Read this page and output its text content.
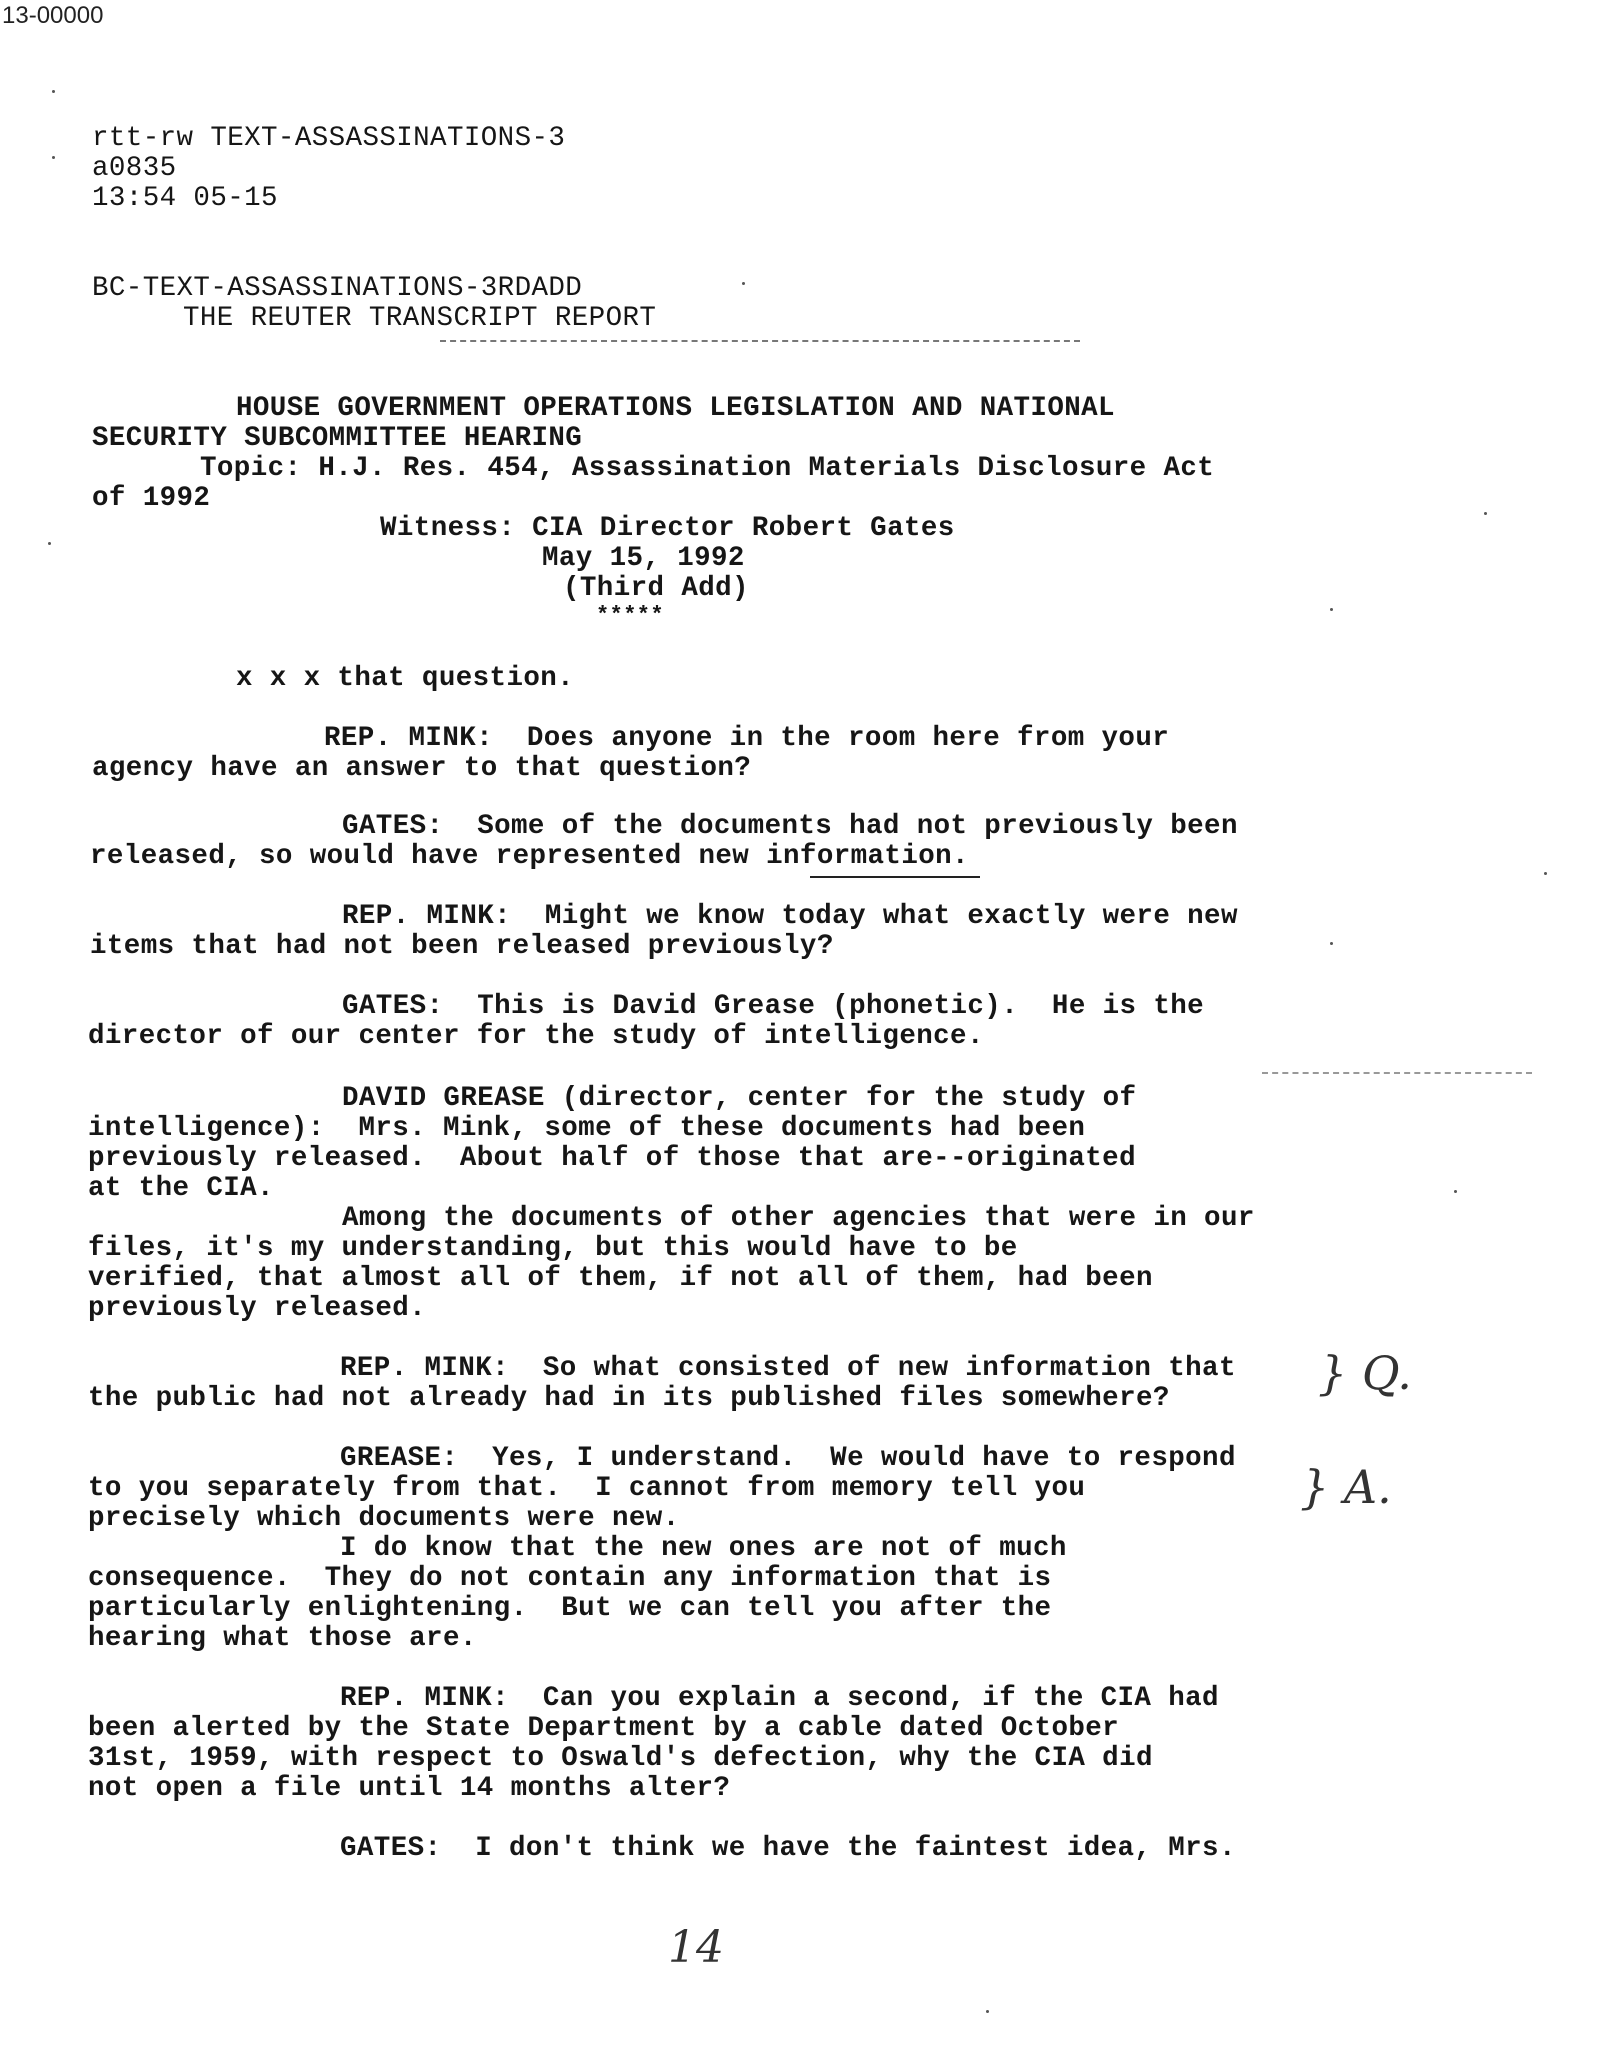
13-00000
rtt-rw TEXT-ASSASSINATIONS-3
a0835
13:54 05-15
BC-TEXT-ASSASSINATIONS-3RDADD
THE REUTER TRANSCRIPT REPORT
HOUSE GOVERNMENT OPERATIONS LEGISLATION AND NATIONAL
SECURITY SUBCOMMITTEE HEARING
Topic: H.J. Res. 454, Assassination Materials Disclosure Act
of 1992
Witness: CIA Director Robert Gates
May 15, 1992
(Third Add)
*****
x x x that question.
REP. MINK:  Does anyone in the room here from your
agency have an answer to that question?
GATES:  Some of the documents had not previously been
released, so would have represented new information.
REP. MINK:  Might we know today what exactly were new
items that had not been released previously?
GATES:  This is David Grease (phonetic).  He is the
director of our center for the study of intelligence.
DAVID GREASE (director, center for the study of
intelligence):  Mrs. Mink, some of these documents had been
previously released.  About half of those that are--originated
at the CIA.
Among the documents of other agencies that were in our
files, it's my understanding, but this would have to be
verified, that almost all of them, if not all of them, had been
previously released.
REP. MINK:  So what consisted of new information that
the public had not already had in its published files somewhere?
GREASE:  Yes, I understand.  We would have to respond
to you separately from that.  I cannot from memory tell you
precisely which documents were new.
I do know that the new ones are not of much
consequence.  They do not contain any information that is
particularly enlightening.  But we can tell you after the
hearing what those are.
REP. MINK:  Can you explain a second, if the CIA had
been alerted by the State Department by a cable dated October
31st, 1959, with respect to Oswald's defection, why the CIA did
not open a file until 14 months alter?
GATES:  I don't think we have the faintest idea, Mrs.
} Q.
} A.
14
